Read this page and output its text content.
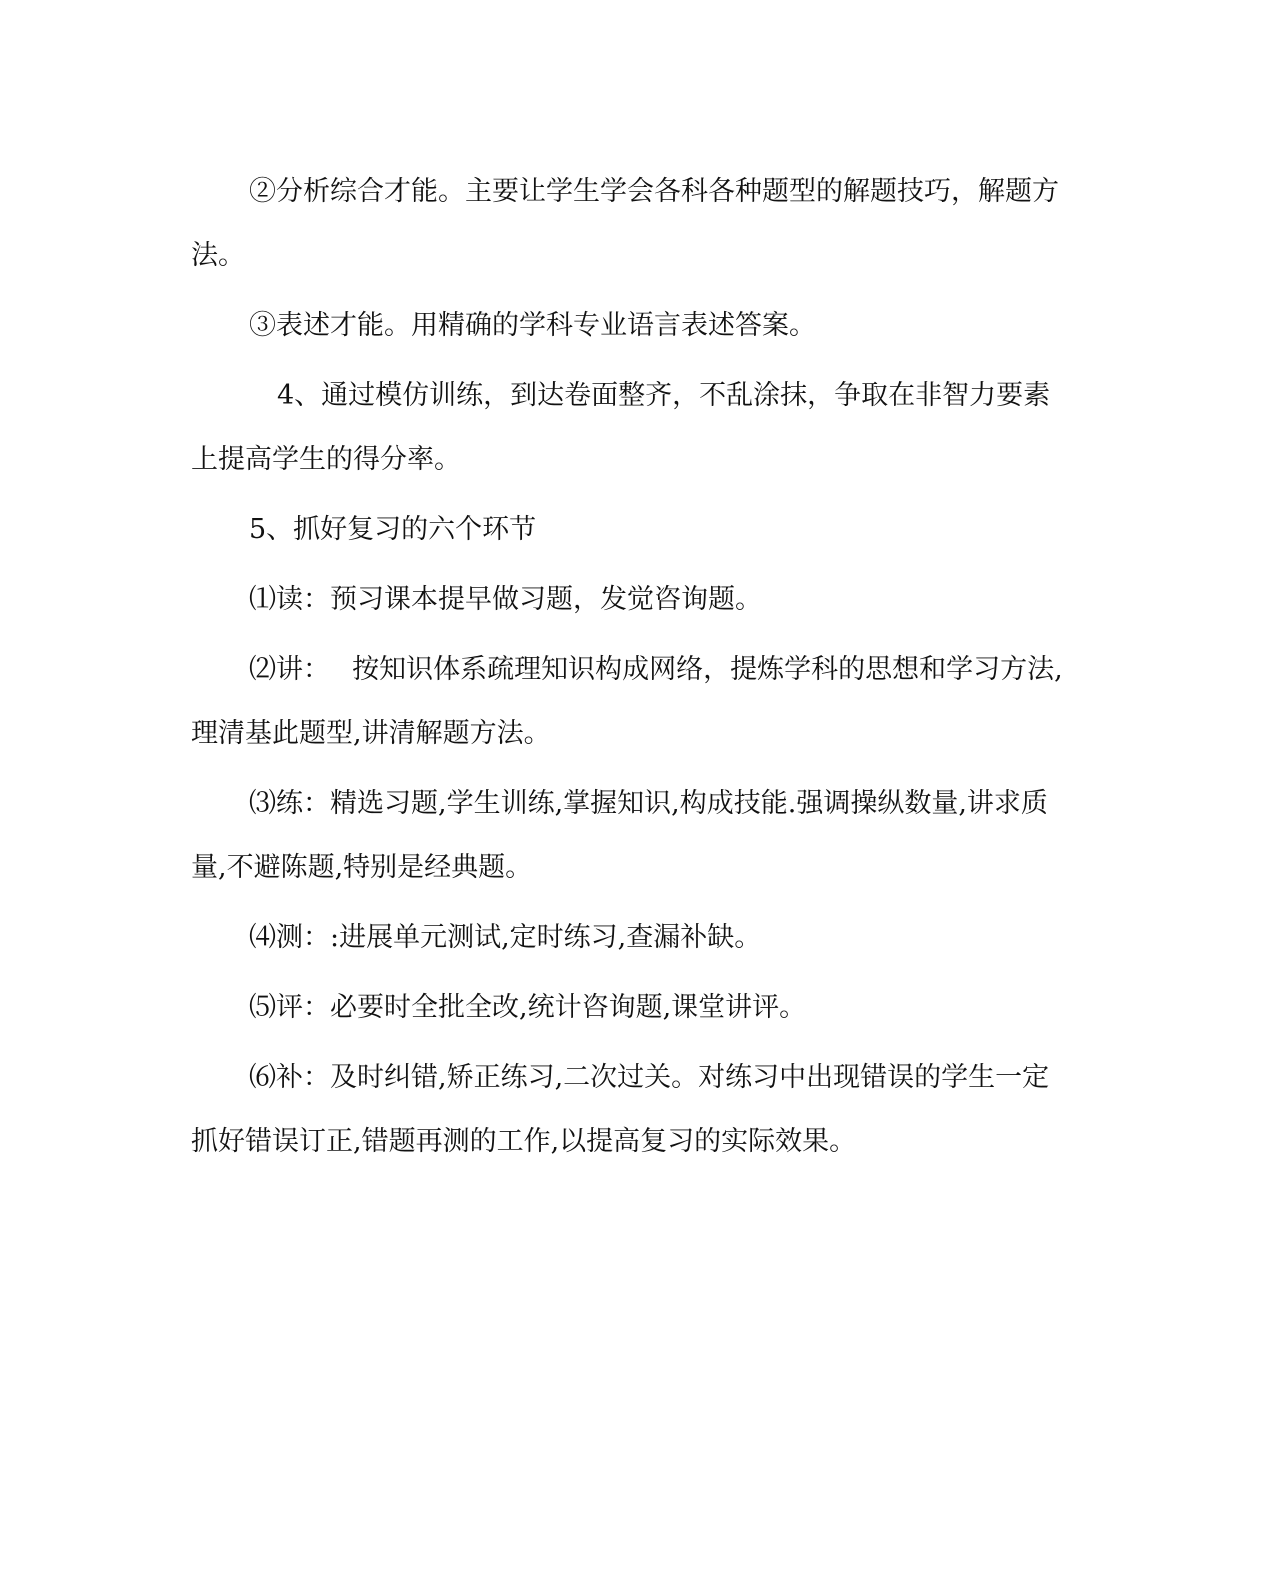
②分析综合才能。主要让学生学会各科各种题型的解题技巧，解题方法。

③表述才能。用精确的学科专业语言表述答案。

4、通过模仿训练，到达卷面整齐，不乱涂抹，争取在非智力要素上提高学生的得分率。

5、抓好复习的六个环节

⑴读：预习课本提早做习题，发觉咨询题。

⑵讲：　 按知识体系疏理知识构成网络，提炼学科的思想和学习方法,理清基此题型,讲清解题方法。

⑶练：精选习题,学生训练,掌握知识,构成技能.强调操纵数量,讲求质量,不避陈题,特别是经典题。

⑷测：:进展单元测试,定时练习,查漏补缺。

⑸评：必要时全批全改,统计咨询题,课堂讲评。

⑹补：及时纠错,矫正练习,二次过关。对练习中出现错误的学生一定抓好错误订正,错题再测的工作,以提高复习的实际效果。
